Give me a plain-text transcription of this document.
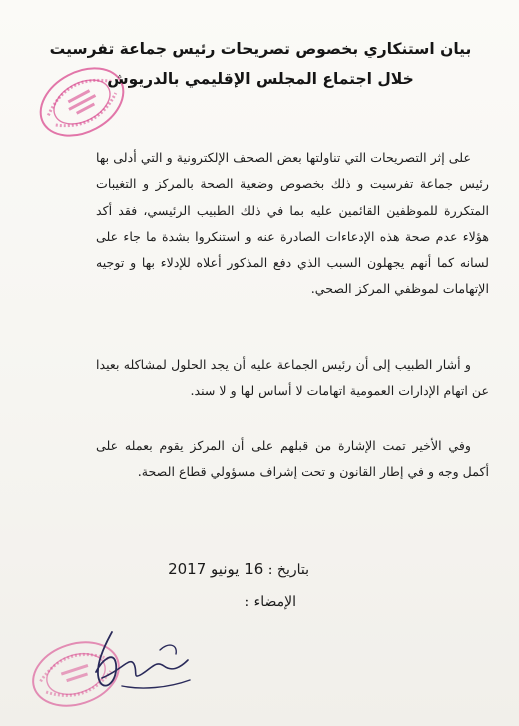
بيان استنكاري بخصوص تصريحات رئيس جماعة تفرسيت
خلال اجتماع المجلس الإقليمي بالدريوش
على إثر التصريحات التي تناولتها بعض الصحف الإلكترونية و التي أدلى بها رئيس جماعة تفرسيت و ذلك بخصوص وضعية الصحة بالمركز و التغيبات المتكررة للموظفين القائمين عليه بما في ذلك الطبيب الرئيسي، فقد أكد هؤلاء عدم صحة هذه الإدعاءات الصادرة عنه و استنكروا بشدة ما جاء على لسانه كما أنهم يجهلون السبب الذي دفع المذكور أعلاه للإدلاء بها و توجيه الإتهامات لموظفي المركز الصحي.
و أشار الطبيب إلى أن رئيس الجماعة عليه أن يجد الحلول لمشاكله بعيدا عن اتهام الإدارات العمومية اتهامات لا أساس لها و لا سند.
وفي الأخير تمت الإشارة من قبلهم على أن المركز يقوم بعمله على أكمل وجه و في إطار القانون و تحت إشراف مسؤولي قطاع الصحة.
بتاريخ : 16 يونيو 2017
الإمضاء :
